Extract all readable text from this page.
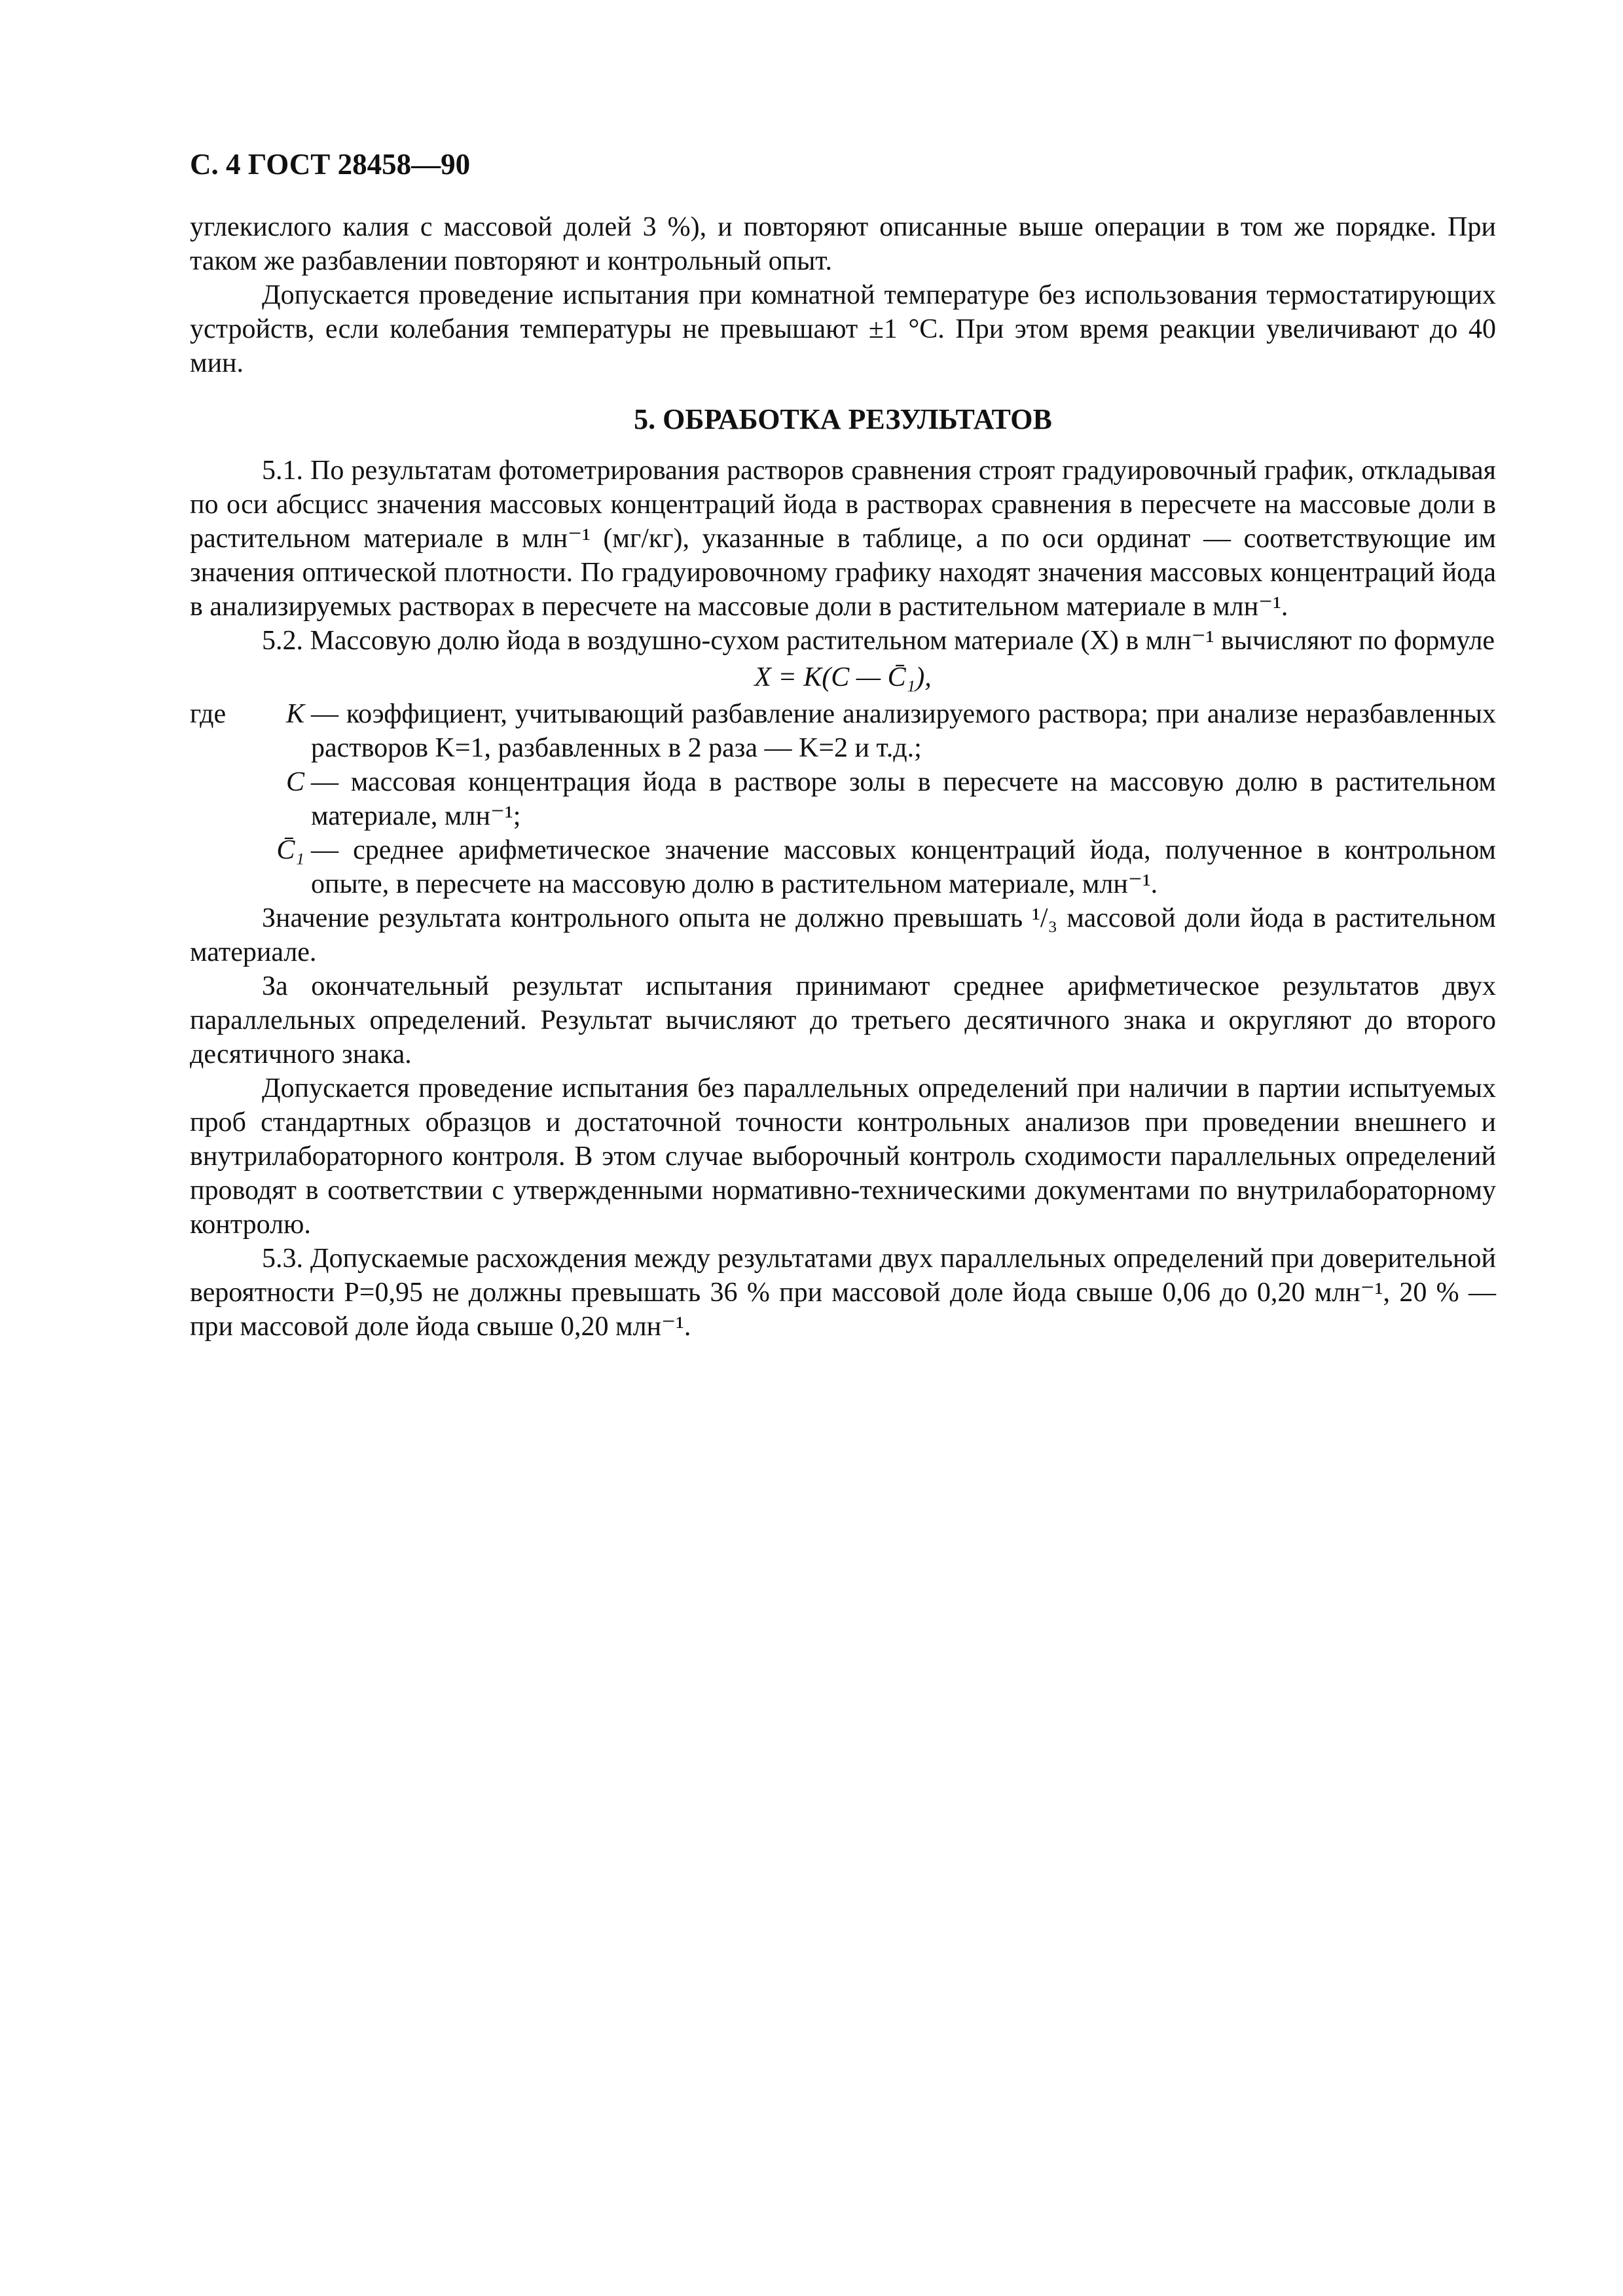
С. 4 ГОСТ 28458—90

углекислого калия с массовой долей 3 %), и повторяют описанные выше операции в том же порядке. При таком же разбавлении повторяют и контрольный опыт.

Допускается проведение испытания при комнатной температуре без использования термостатирующих устройств, если колебания температуры не превышают ±1 °С. При этом время реакции увеличивают до 40 мин.

5. ОБРАБОТКА РЕЗУЛЬТАТОВ

5.1. По результатам фотометрирования растворов сравнения строят градуировочный график, откладывая по оси абсцисс значения массовых концентраций йода в растворах сравнения в пересчете на массовые доли в растительном материале в млн⁻¹ (мг/кг), указанные в таблице, а по оси ординат — соответствующие им значения оптической плотности. По градуировочному графику находят значения массовых концентраций йода в анализируемых растворах в пересчете на массовые доли в растительном материале в млн⁻¹.

5.2. Массовую долю йода в воздушно-сухом растительном материале (X) в млн⁻¹ вычисляют по формуле

X = K(C — C̄₁),
где	K — коэффициент, учитывающий разбавление анализируемого раствора; при анализе неразбавленных растворов K=1, разбавленных в 2 раза — K=2 и т.д.;
C — массовая концентрация йода в растворе золы в пересчете на массовую долю в растительном материале, млн⁻¹;
C̄₁ — среднее арифметическое значение массовых концентраций йода, полученное в контрольном опыте, в пересчете на массовую долю в растительном материале, млн⁻¹.

Значение результата контрольного опыта не должно превышать ¹/₃ массовой доли йода в растительном материале.

За окончательный результат испытания принимают среднее арифметическое результатов двух параллельных определений. Результат вычисляют до третьего десятичного знака и округляют до второго десятичного знака.

Допускается проведение испытания без параллельных определений при наличии в партии испытуемых проб стандартных образцов и достаточной точности контрольных анализов при проведении внешнего и внутрилабораторного контроля. В этом случае выборочный контроль сходимости параллельных определений проводят в соответствии с утвержденными нормативно-техническими документами по внутрилабораторному контролю.

5.3. Допускаемые расхождения между результатами двух параллельных определений при доверительной вероятности P=0,95 не должны превышать 36 % при массовой доле йода свыше 0,06 до 0,20 млн⁻¹, 20 % — при массовой доле йода свыше 0,20 млн⁻¹.
